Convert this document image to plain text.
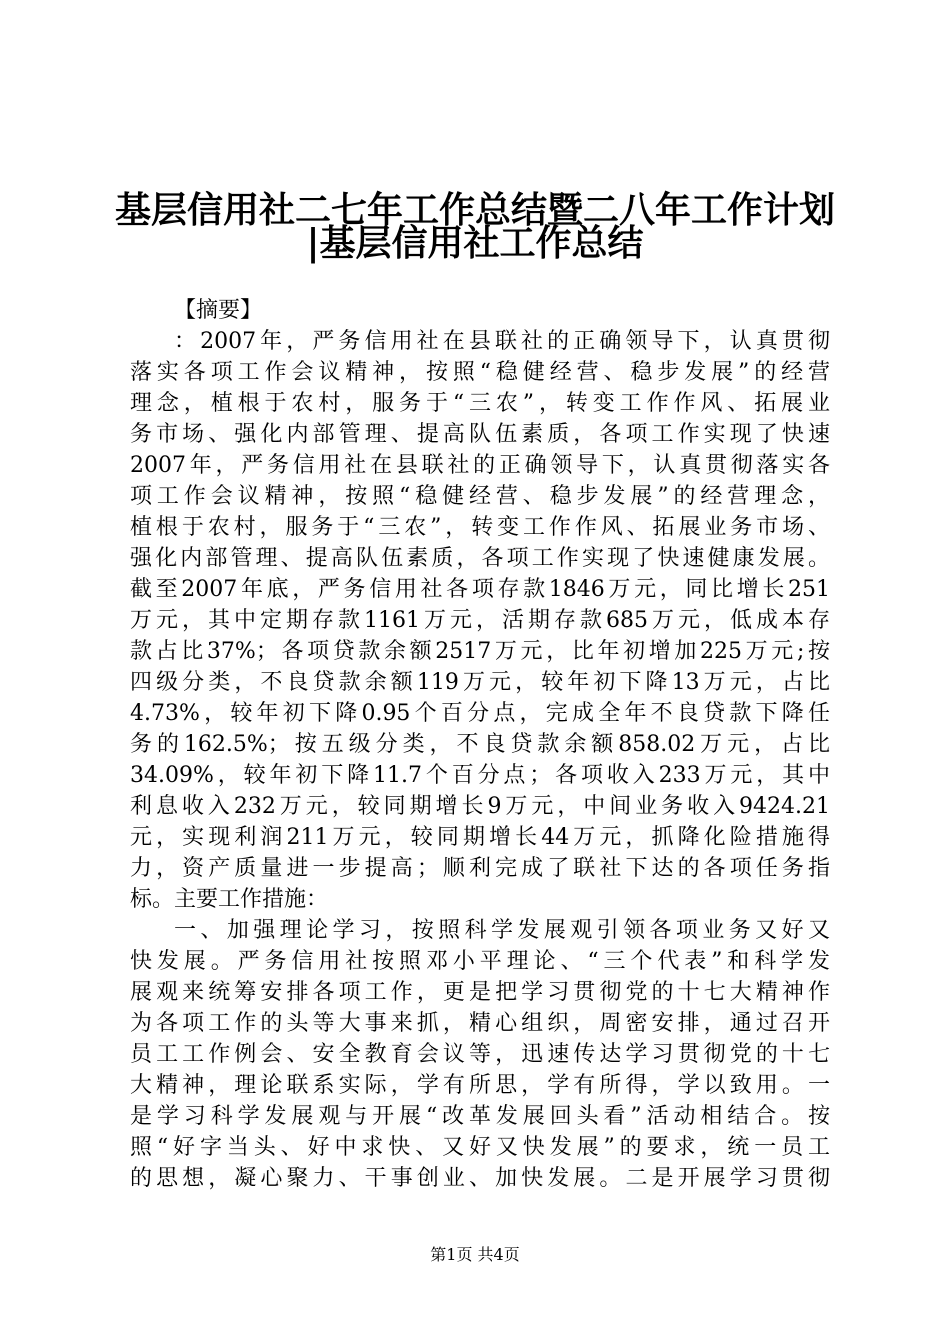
基层信用社二七年工作总结暨二八年工作计划
|基层信用社工作总结
【摘要】
：2007年，严务信用社在县联社的正确领导下，认真贯彻
落实各项工作会议精神，按照“稳健经营、稳步发展”的经营
理念，植根于农村，服务于“三农”，转变工作作风、拓展业
务市场、强化内部管理、提高队伍素质，各项工作实现了快速
2007年，严务信用社在县联社的正确领导下，认真贯彻落实各
项工作会议精神，按照“稳健经营、稳步发展”的经营理念，
植根于农村，服务于“三农”，转变工作作风、拓展业务市场、
强化内部管理、提高队伍素质，各项工作实现了快速健康发展。
截至2007年底，严务信用社各项存款1846万元，同比增长251
万元，其中定期存款1161万元，活期存款685万元，低成本存
款占比37%；各项贷款余额2517万元，比年初增加225万元;按
四级分类，不良贷款余额119万元，较年初下降13万元，占比
4.73%，较年初下降0.95个百分点，完成全年不良贷款下降任
务的162.5%；按五级分类，不良贷款余额858.02万元，占比
34.09%，较年初下降11.7个百分点；各项收入233万元，其中
利息收入232万元，较同期增长9万元，中间业务收入9424.21
元，实现利润211万元，较同期增长44万元，抓降化险措施得
力，资产质量进一步提高；顺利完成了联社下达的各项任务指
标。主要工作措施：
一、加强理论学习，按照科学发展观引领各项业务又好又
快发展。严务信用社按照邓小平理论、“三个代表”和科学发
展观来统筹安排各项工作，更是把学习贯彻党的十七大精神作
为各项工作的头等大事来抓，精心组织，周密安排，通过召开
员工工作例会、安全教育会议等，迅速传达学习贯彻党的十七
大精神，理论联系实际，学有所思，学有所得，学以致用。一
是学习科学发展观与开展“改革发展回头看”活动相结合。按
照“好字当头、好中求快、又好又快发展”的要求，统一员工
的思想，凝心聚力、干事创业、加快发展。二是开展学习贯彻
第1页 共4页
